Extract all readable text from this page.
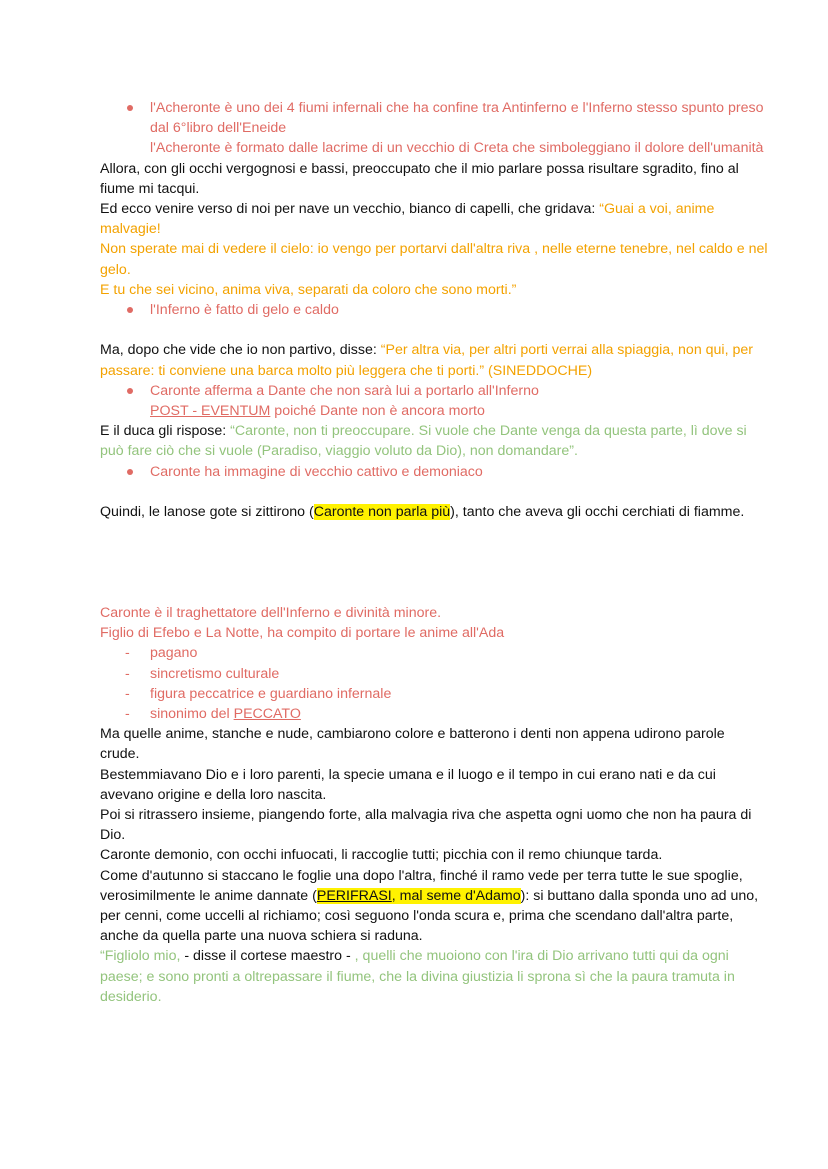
l'Acheronte è uno dei 4 fiumi infernali che ha confine tra Antinferno e l'Inferno stesso spunto preso dal 6°libro dell'Eneide
l'Acheronte è formato dalle lacrime di un vecchio di Creta che simboleggiano il dolore dell'umanità

Allora, con gli occhi vergognosi e bassi, preoccupato che il mio parlare possa risultare sgradito, fino al fiume mi tacqui.

Ed ecco venire verso di noi per nave un vecchio, bianco di capelli, che gridava: “Guai a voi, anime malvagie!

Non sperate mai di vedere il cielo: io vengo per portarvi dall'altra riva , nelle eterne tenebre, nel caldo e nel gelo.

E tu che sei vicino, anima viva, separati da coloro che sono morti.”

l'Inferno è fatto di gelo e caldo

Ma, dopo che vide che io non partivo, disse: “Per altra via, per altri porti verrai alla spiaggia, non qui, per passare: ti conviene una barca molto più leggera che ti porti.” (SINEDDOCHE)

Caronte afferma a Dante che non sarà lui a portarlo all'Inferno
POST - EVENTUM poiché Dante non è ancora morto

E il duca gli rispose: “Caronte, non ti preoccupare. Si vuole che Dante venga da questa parte, lì dove si può fare ciò che si vuole (Paradiso, viaggio voluto da Dio), non domandare”.

Caronte ha immagine di vecchio cattivo e demoniaco

Quindi, le lanose gote si zittirono (Caronte non parla più), tanto che aveva gli occhi cerchiati di fiamme.

Caronte è il traghettatore dell'Inferno e divinità minore.

Figlio di Efebo e La Notte, ha compito di portare le anime all'Ada

- pagano
- sincretismo culturale
- figura peccatrice e guardiano infernale
- sinonimo del PECCATO

Ma quelle anime, stanche e nude, cambiarono colore e batterono i denti non appena udirono parole crude.

Bestemmiavano Dio e i loro parenti, la specie umana e il luogo e il tempo in cui erano nati e da cui avevano origine e della loro nascita.

Poi si ritrassero insieme, piangendo forte, alla malvagia riva che aspetta ogni uomo che non ha paura di Dio.

Caronte demonio, con occhi infuocati, li raccoglie tutti; picchia con il remo chiunque tarda.

Come d'autunno si staccano le foglie una dopo l'altra, finché il ramo vede per terra tutte le sue spoglie, verosimilmente le anime dannate (PERIFRASI, mal seme d'Adamo): si buttano dalla sponda uno ad uno, per cenni, come uccelli al richiamo; così seguono l'onda scura e, prima che scendano dall'altra parte, anche da quella parte una nuova schiera si raduna.

“Figliolo mio, - disse il cortese maestro - , quelli che muoiono con l'ira di Dio arrivano tutti qui da ogni paese; e sono pronti a oltrepassare il fiume, che la divina giustizia li sprona sì che la paura tramuta in desiderio.
